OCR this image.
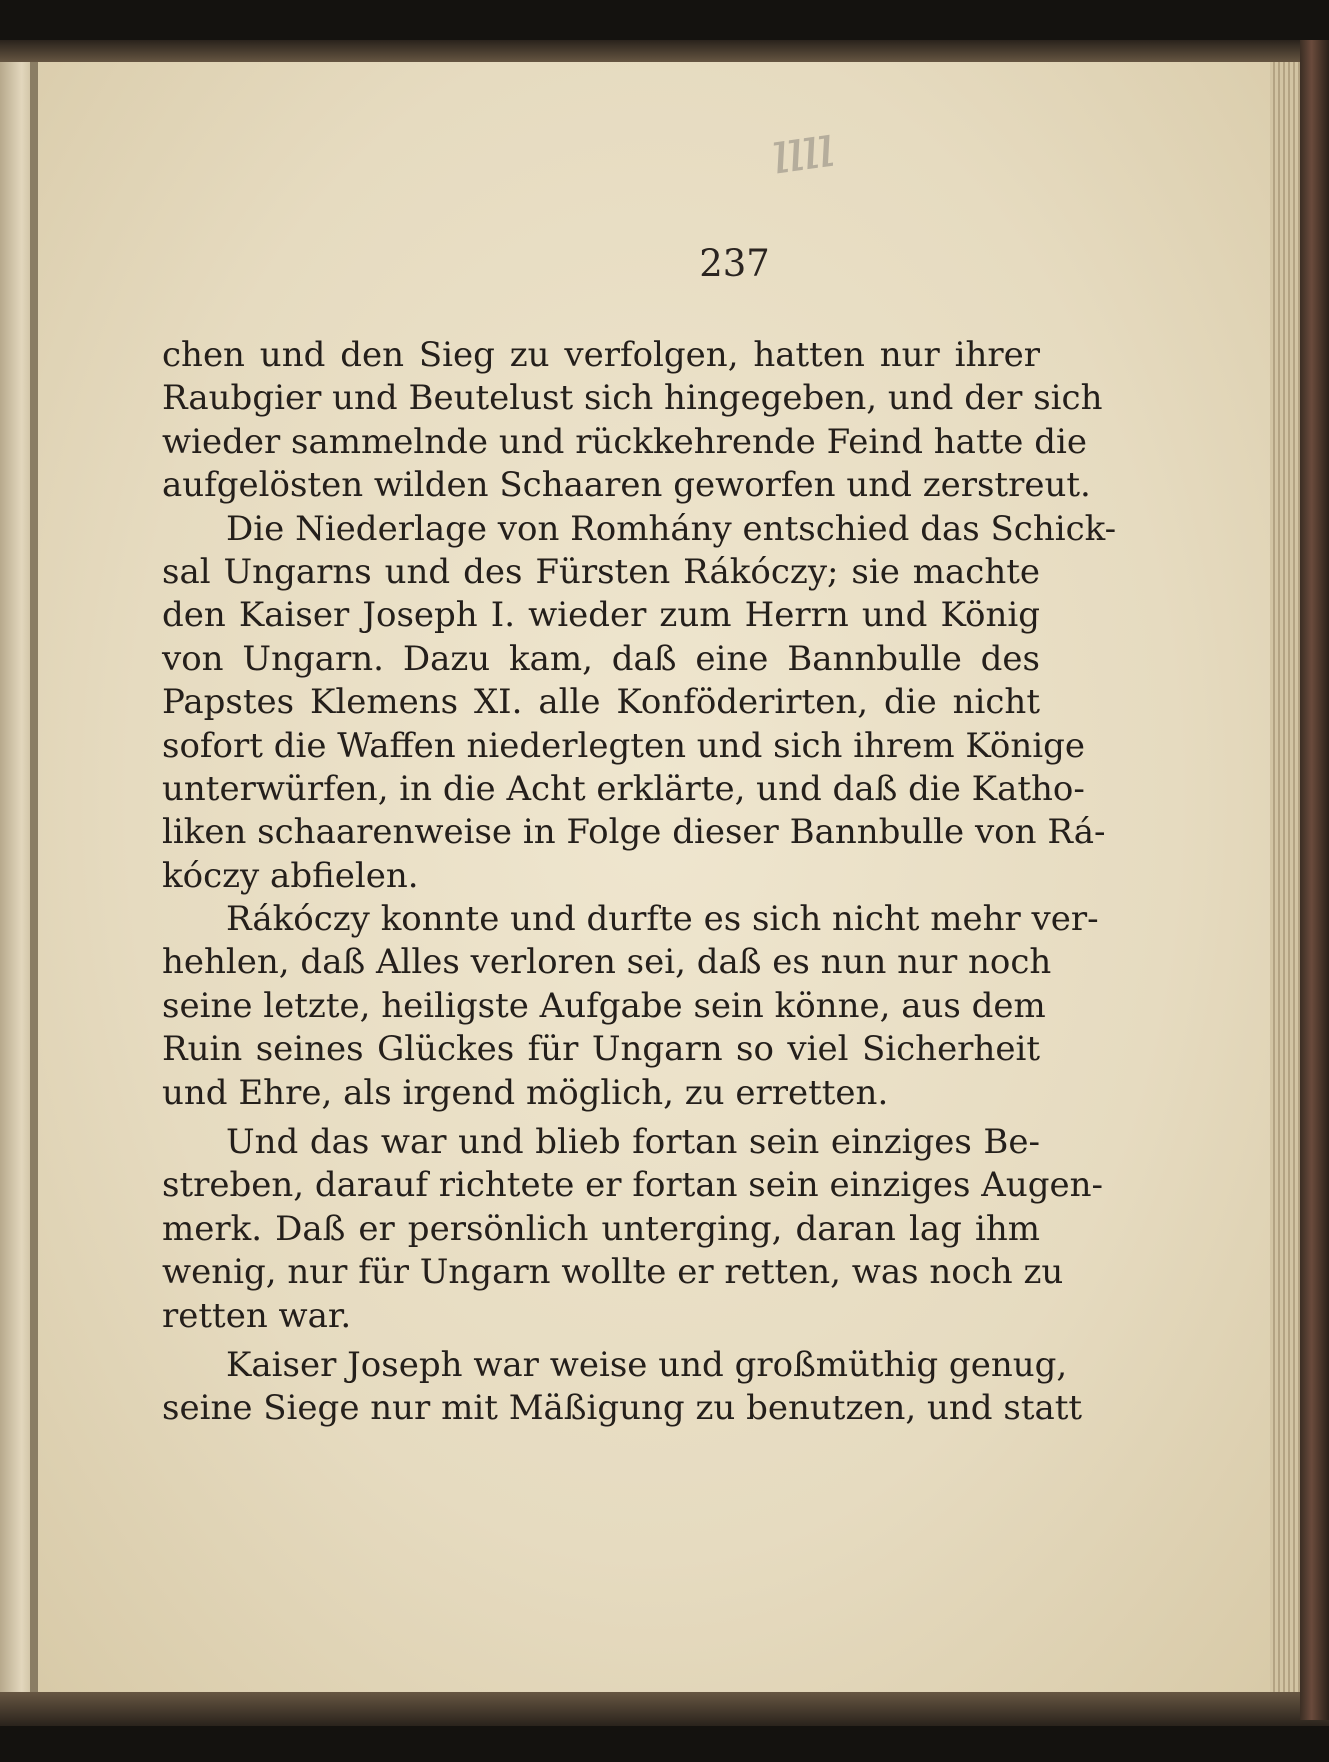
ıııı
237
chen und den Sieg zu verfolgen, hatten nur ihrer
Raubgier und Beutelust sich hingegeben, und der sich
wieder sammelnde und rückkehrende Feind hatte die
aufgelösten wilden Schaaren geworfen und zerstreut.
Die Niederlage von Romhány entschied das Schick-
sal Ungarns und des Fürsten Rákóczy; sie machte
den Kaiser Joseph I. wieder zum Herrn und König
von Ungarn. Dazu kam, daß eine Bannbulle des
Papstes Klemens XI. alle Konföderirten, die nicht
sofort die Waffen niederlegten und sich ihrem Könige
unterwürfen, in die Acht erklärte, und daß die Katho-
liken schaarenweise in Folge dieser Bannbulle von Rá-
kóczy abfielen.
Rákóczy konnte und durfte es sich nicht mehr ver-
hehlen, daß Alles verloren sei, daß es nun nur noch
seine letzte, heiligste Aufgabe sein könne, aus dem
Ruin seines Glückes für Ungarn so viel Sicherheit
und Ehre, als irgend möglich, zu erretten.
Und das war und blieb fortan sein einziges Be-
streben, darauf richtete er fortan sein einziges Augen-
merk. Daß er persönlich unterging, daran lag ihm
wenig, nur für Ungarn wollte er retten, was noch zu
retten war.
Kaiser Joseph war weise und großmüthig genug,
seine Siege nur mit Mäßigung zu benutzen, und statt
